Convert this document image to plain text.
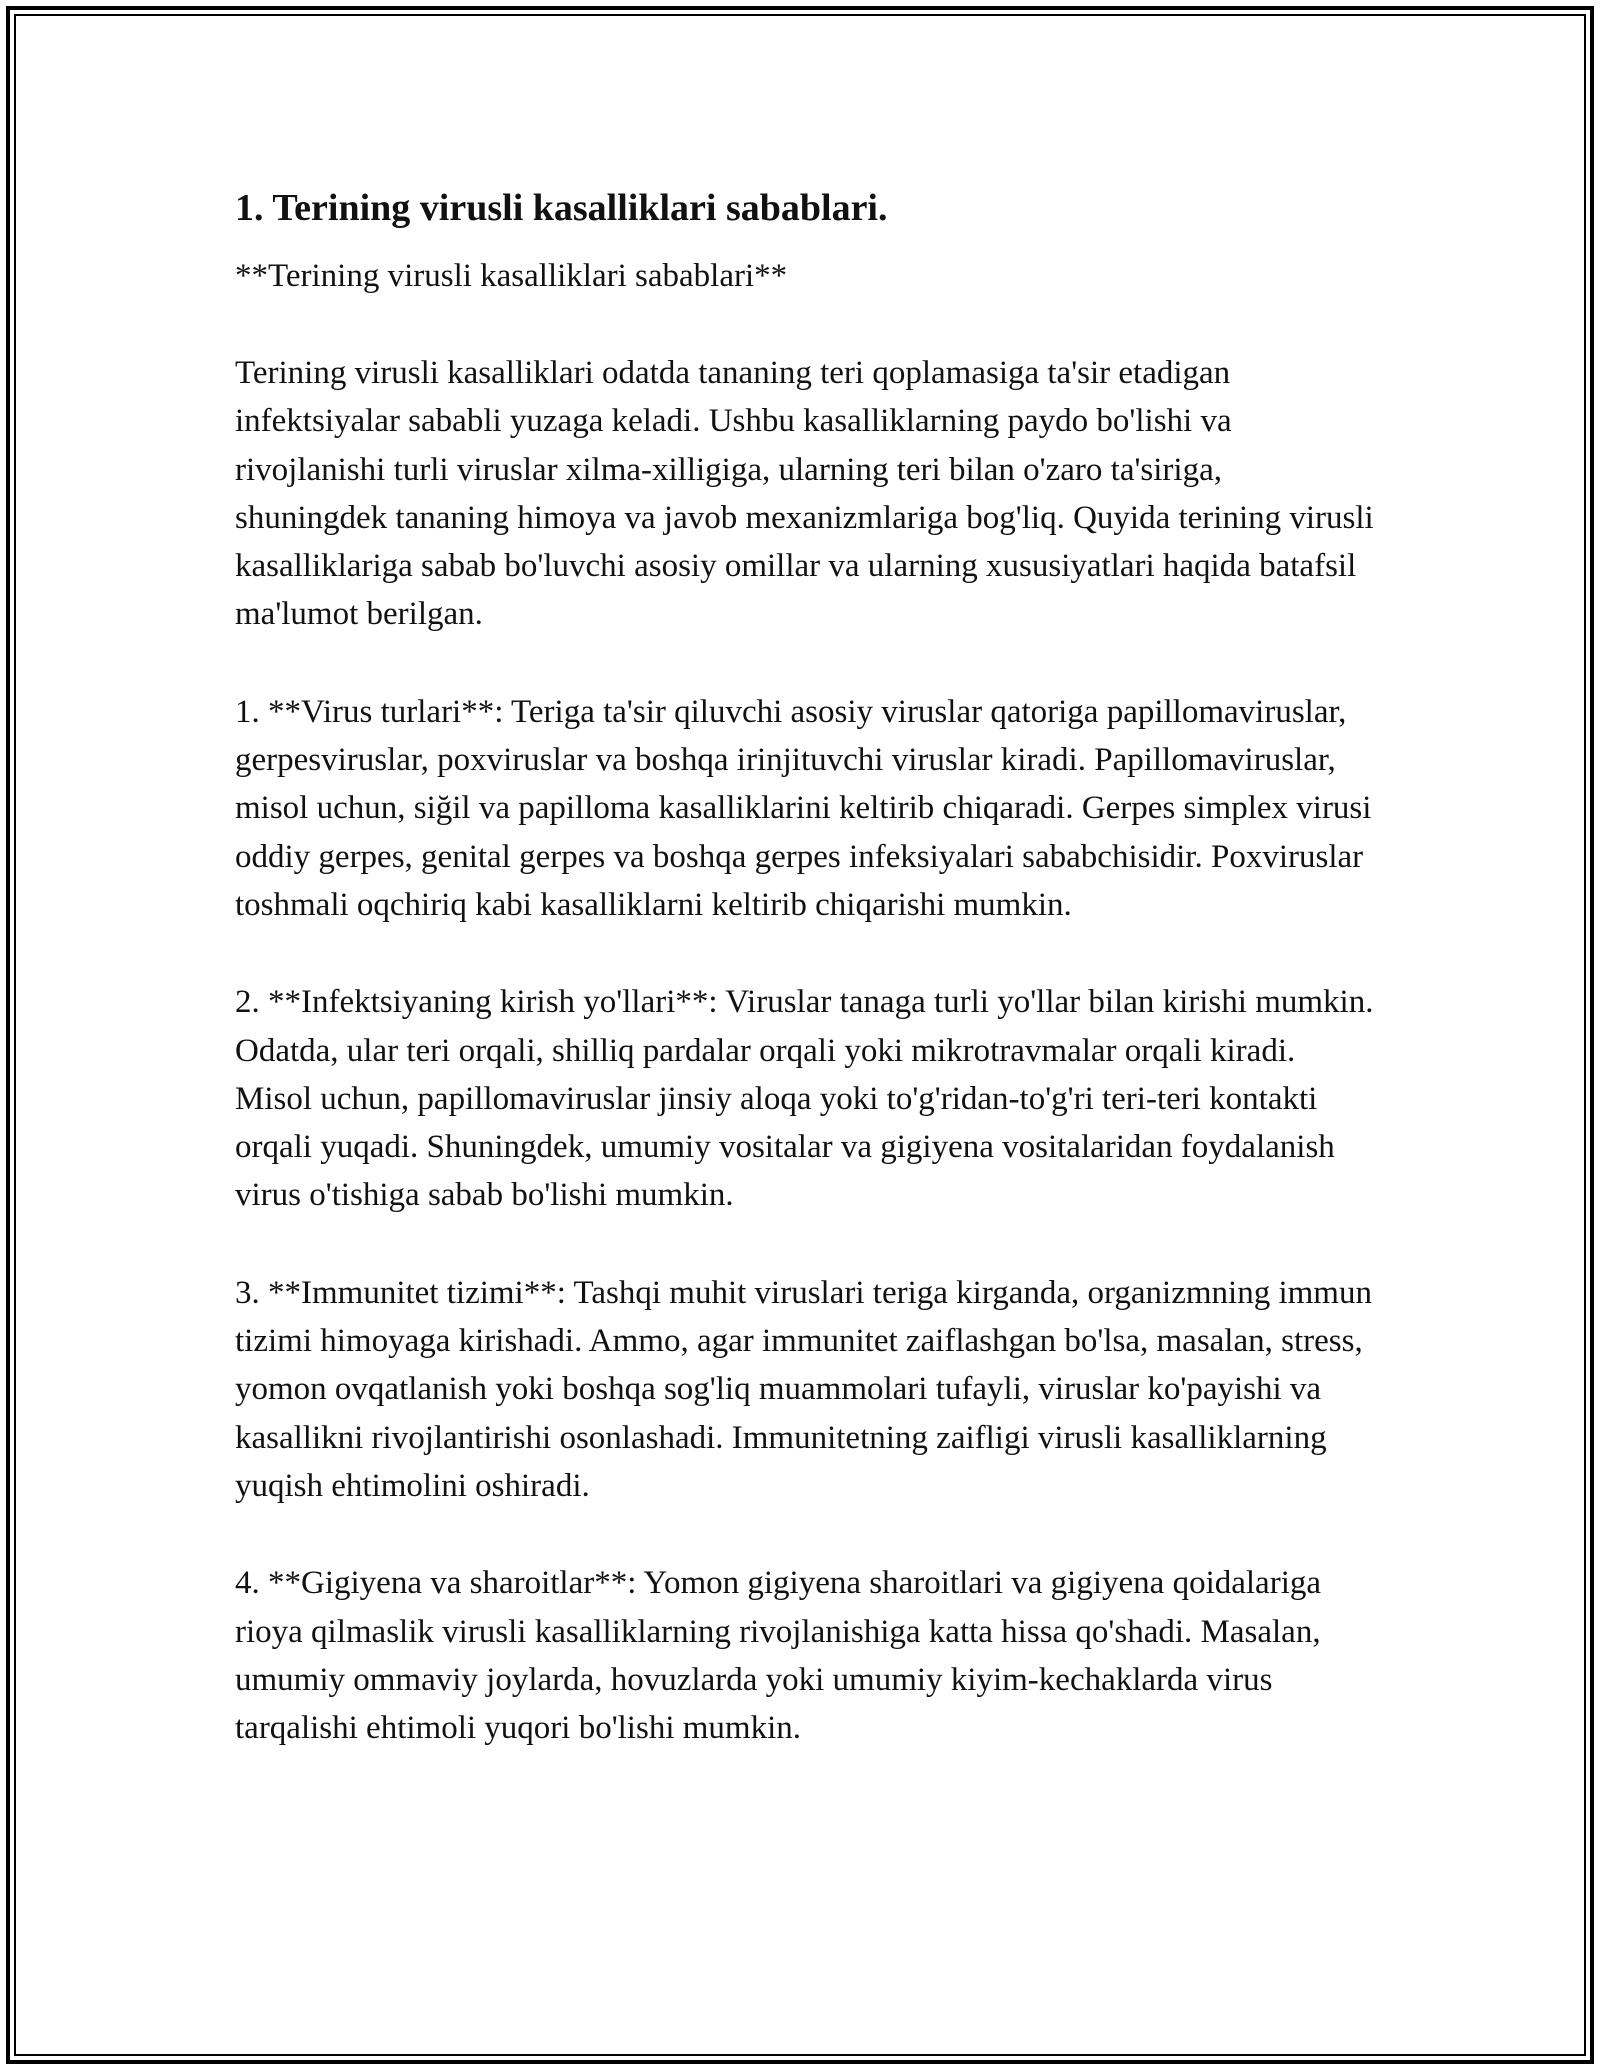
1. Terining virusli kasalliklari sabablari.
**Terining virusli kasalliklari sabablari**

Terining virusli kasalliklari odatda tananing teri qoplamasiga ta'sir etadigan infektsiyalar sababli yuzaga keladi. Ushbu kasalliklarning paydo bo'lishi va rivojlanishi turli viruslar xilma-xilligiga, ularning teri bilan o'zaro ta'siriga, shuningdek tananing himoya va javob mexanizmlariga bog'liq. Quyida terining virusli kasalliklariga sabab bo'luvchi asosiy omillar va ularning xususiyatlari haqida batafsil ma'lumot berilgan.

1. **Virus turlari**: Teriga ta'sir qiluvchi asosiy viruslar qatoriga papillomaviruslar, gerpesviruslar, poxviruslar va boshqa irinjituvchi viruslar kiradi. Papillomaviruslar, misol uchun, siğil va papilloma kasalliklarini keltirib chiqaradi. Gerpes simplex virusi oddiy gerpes, genital gerpes va boshqa gerpes infeksiyalari sababchisidir. Poxviruslar toshmali oqchiriq kabi kasalliklarni keltirib chiqarishi mumkin.

2. **Infektsiyaning kirish yo'llari**: Viruslar tanaga turli yo'llar bilan kirishi mumkin. Odatda, ular teri orqali, shilliq pardalar orqali yoki mikrotravmalar orqali kiradi. Misol uchun, papillomaviruslar jinsiy aloqa yoki to'g'ridan-to'g'ri teri-teri kontakti orqali yuqadi. Shuningdek, umumiy vositalar va gigiyena vositalaridan foydalanish virus o'tishiga sabab bo'lishi mumkin.

3. **Immunitet tizimi**: Tashqi muhit viruslari teriga kirganda, organizmning immun tizimi himoyaga kirishadi. Ammo, agar immunitet zaiflashgan bo'lsa, masalan, stress, yomon ovqatlanish yoki boshqa sog'liq muammolari tufayli, viruslar ko'payishi va kasallikni rivojlantirishi osonlashadi. Immunitetning zaifligi virusli kasalliklarning yuqish ehtimolini oshiradi.

4. **Gigiyena va sharoitlar**: Yomon gigiyena sharoitlari va gigiyena qoidalariga rioya qilmaslik virusli kasalliklarning rivojlanishiga katta hissa qo'shadi. Masalan, umumiy ommaviy joylarda, hovuzlarda yoki umumiy kiyim-kechaklarda virus tarqalishi ehtimoli yuqori bo'lishi mumkin.
